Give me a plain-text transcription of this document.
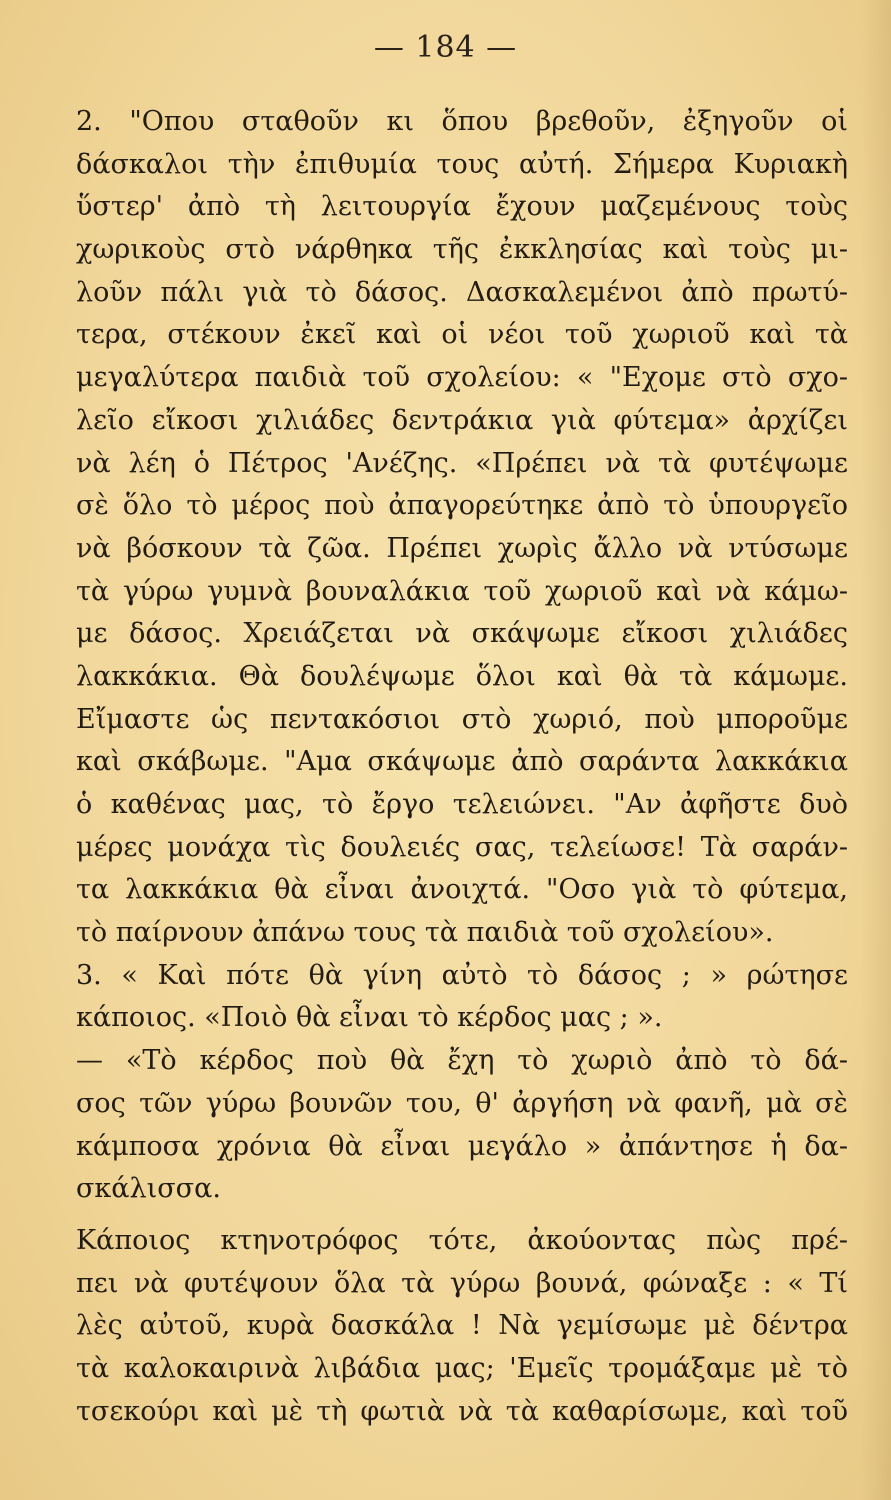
— 184 —
2. "Οπου σταθοῦν κι ὅπου βρεθοῦν, ἐξηγοῦν οἱ
δάσκαλοι τὴν ἐπιθυμία τους αὐτή. Σήμερα Κυριακὴ
ὕστερ' ἀπὸ τὴ λειτουργία ἔχουν μαζεμένους τοὺς
χωρικοὺς στὸ νάρθηκα τῆς ἐκκλησίας καὶ τοὺς μι-
λοῦν πάλι γιὰ τὸ δάσος. Δασκαλεμένοι ἀπὸ πρωτύ-
τερα, στέκουν ἐκεῖ καὶ οἱ νέοι τοῦ χωριοῦ καὶ τὰ
μεγαλύτερα παιδιὰ τοῦ σχολείου: « "Εχομε στὸ σχο-
λεῖο εἴκοσι χιλιάδες δεντράκια γιὰ φύτεμα» ἀρχίζει
νὰ λέη ὁ Πέτρος 'Ανέζης. «Πρέπει νὰ τὰ φυτέψωμε
σὲ ὅλο τὸ μέρος ποὺ ἀπαγορεύτηκε ἀπὸ τὸ ὑπουργεῖο
νὰ βόσκουν τὰ ζῶα. Πρέπει χωρὶς ἄλλο νὰ ντύσωμε
τὰ γύρω γυμνὰ βουναλάκια τοῦ χωριοῦ καὶ νὰ κάμω-
με δάσος. Χρειάζεται νὰ σκάψωμε εἴκοσι χιλιάδες
λακκάκια. Θὰ δουλέψωμε ὅλοι καὶ θὰ τὰ κάμωμε.
Εἴμαστε ὡς πεντακόσιοι στὸ χωριό, ποὺ μποροῦμε
καὶ σκάβωμε. "Αμα σκάψωμε ἀπὸ σαράντα λακκάκια
ὁ καθένας μας, τὸ ἔργο τελειώνει. "Αν ἀφῆστε δυὸ
μέρες μονάχα τὶς δουλειές σας, τελείωσε! Τὰ σαράν-
τα λακκάκια θὰ εἶναι ἀνοιχτά. "Οσο γιὰ τὸ φύτεμα,
τὸ παίρνουν ἀπάνω τους τὰ παιδιὰ τοῦ σχολείου».
3. « Καὶ πότε θὰ γίνη αὐτὸ τὸ δάσος ; » ρώτησε
κάποιος. «Ποιὸ θὰ εἶναι τὸ κέρδος μας ; ».
— «Τὸ κέρδος ποὺ θὰ ἔχη τὸ χωριὸ ἀπὸ τὸ δά-
σος τῶν γύρω βουνῶν του, θ' ἀργήση νὰ φανῆ, μὰ σὲ
κάμποσα χρόνια θὰ εἶναι μεγάλο » ἀπάντησε ἡ δα-
σκάλισσα.
Κάποιος κτηνοτρόφος τότε, ἀκούοντας πὼς πρέ-
πει νὰ φυτέψουν ὅλα τὰ γύρω βουνά, φώναξε : « Τί
λὲς αὐτοῦ, κυρὰ δασκάλα ! Νὰ γεμίσωμε μὲ δέντρα
τὰ καλοκαιρινὰ λιβάδια μας; 'Εμεῖς τρομάξαμε μὲ τὸ
τσεκούρι καὶ μὲ τὴ φωτιὰ νὰ τὰ καθαρίσωμε, καὶ τοῦ
